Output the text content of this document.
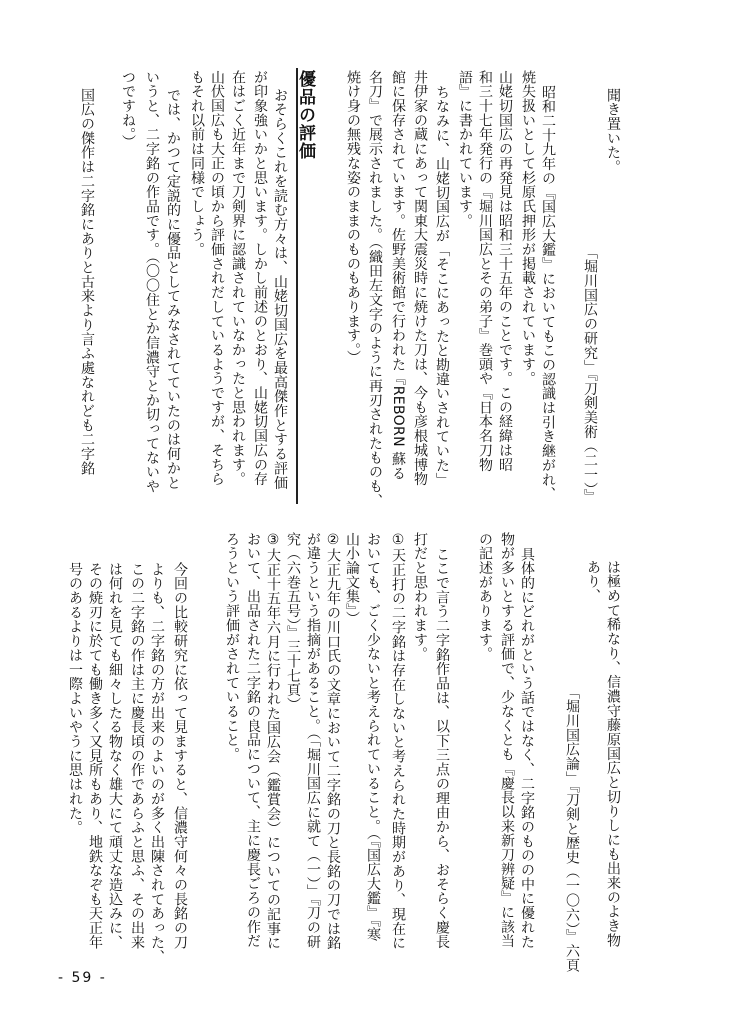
優品の評価
- 59 -
聞き置いた。
「堀川国広の研究」『刀剣美術（二一）』
昭和二十九年の『国広大鑑』においてもこの認識は引き継がれ、
焼失扱いとして杉原氏押形が掲載されています。
山姥切国広の再発見は昭和三十五年のことです。この経緯は昭
和三十七年発行の『堀川国広とその弟子』巻頭や『日本名刀物
語』に書かれています。
ちなみに、山姥切国広が「そこにあったと勘違いされていた」
井伊家の蔵にあって関東大震災時に焼けた刀は、今も彦根城博物
館に保存されています。佐野美術館で行われた『REBORN 蘇る
名刀』で展示されました。（織田左文字のように再刃されたものも、
焼け身の無残な姿のままのものもあります。）
おそらくこれを読む方々は、山姥切国広を最高傑作とする評価
が印象強いかと思います。しかし前述のとおり、山姥切国広の存
在はごく近年まで刀剣界に認識されていなかったと思われます。
山伏国広も大正の頃から評価されだしているようですが、そちら
もそれ以前は同様でしょう。
では、かつて定説的に優品としてみなされてていたのは何かと
いうと、二字銘の作品です。（〇〇住とか信濃守とか切ってないや
つですね。）
国広の傑作は二字銘にありと古来より言ふ處なれども二字銘
は極めて稀なり、信濃守藤原国広と切りしにも出来のよき物
あり、
「堀川国広論」『刀剣と歴史（一〇六）』六頁
具体的にどれがという話ではなく、二字銘のものの中に優れた
物が多いとする評価で、少なくとも『慶長以来新刀辨疑』に該当
の記述があります。
ここで言う二字銘作品は、以下三点の理由から、おそらく慶長
打だと思われます。
①天正打の二字銘は存在しないと考えられた時期があり、現在に
おいても、ごく少ないと考えられていること。（『国広大鑑』『寒
山小論文集』）
②大正九年の川口氏の文章において二字銘の刀と長銘の刀では銘
が違うという指摘があること。（「堀川国広に就て（一）」『刀の研
究（六巻五号）』三十七頁）
③大正十五年六月に行われた国広会（鑑賞会）についての記事に
おいて、出品された二字銘の良品について、主に慶長ごろの作だ
ろうという評価がされていること。
今回の比較研究に依って見ますると、信濃守何々の長銘の刀
よりも、二字銘の方が出来のよいのが多く出陳されてあった、
この二字銘の作は主に慶長頃の作であらふと思ふ、その出来
は何れを見ても細々したる物なく雄大にて頑丈な造込みに、
その焼刃に於ても働き多く又見所もあり、地鉄なぞも天正年
号のあるよりは一際よいやうに思はれた。
